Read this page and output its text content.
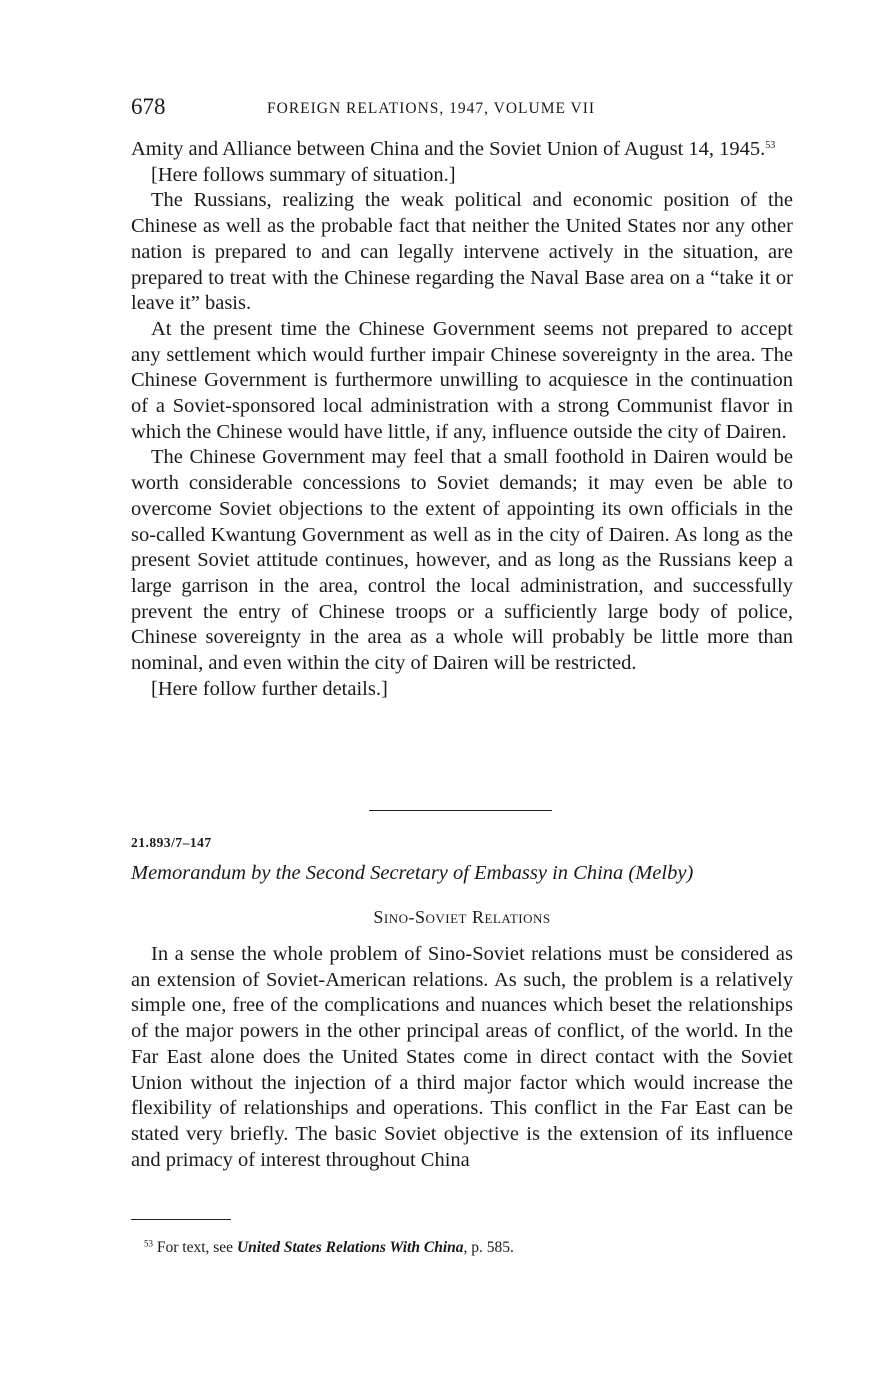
678	FOREIGN RELATIONS, 1947, VOLUME VII

Amity and Alliance between China and the Soviet Union of August 14, 1945.53

[Here follows summary of situation.]

The Russians, realizing the weak political and economic position of the Chinese as well as the probable fact that neither the United States nor any other nation is prepared to and can legally intervene actively in the situation, are prepared to treat with the Chinese regarding the Naval Base area on a “take it or leave it” basis.

At the present time the Chinese Government seems not prepared to accept any settlement which would further impair Chinese sovereignty in the area. The Chinese Government is furthermore unwilling to acquiesce in the continuation of a Soviet-sponsored local administration with a strong Communist flavor in which the Chinese would have little, if any, influence outside the city of Dairen.

The Chinese Government may feel that a small foothold in Dairen would be worth considerable concessions to Soviet demands; it may even be able to overcome Soviet objections to the extent of appointing its own officials in the so-called Kwantung Government as well as in the city of Dairen. As long as the present Soviet attitude continues, however, and as long as the Russians keep a large garrison in the area, control the local administration, and successfully prevent the entry of Chinese troops or a sufficiently large body of police, Chinese sovereignty in the area as a whole will probably be little more than nominal, and even within the city of Dairen will be restricted.

[Here follow further details.]

21.893/7–147
Memorandum by the Second Secretary of Embassy in China (Melby)
Sino-Soviet Relations

In a sense the whole problem of Sino-Soviet relations must be considered as an extension of Soviet-American relations. As such, the problem is a relatively simple one, free of the complications and nuances which beset the relationships of the major powers in the other principal areas of conflict, of the world. In the Far East alone does the United States come in direct contact with the Soviet Union without the injection of a third major factor which would increase the flexibility of relationships and operations. This conflict in the Far East can be stated very briefly. The basic Soviet objective is the extension of its influence and primacy of interest throughout China

$^{53}$ For text, see United States Relations With China, p. 585.
